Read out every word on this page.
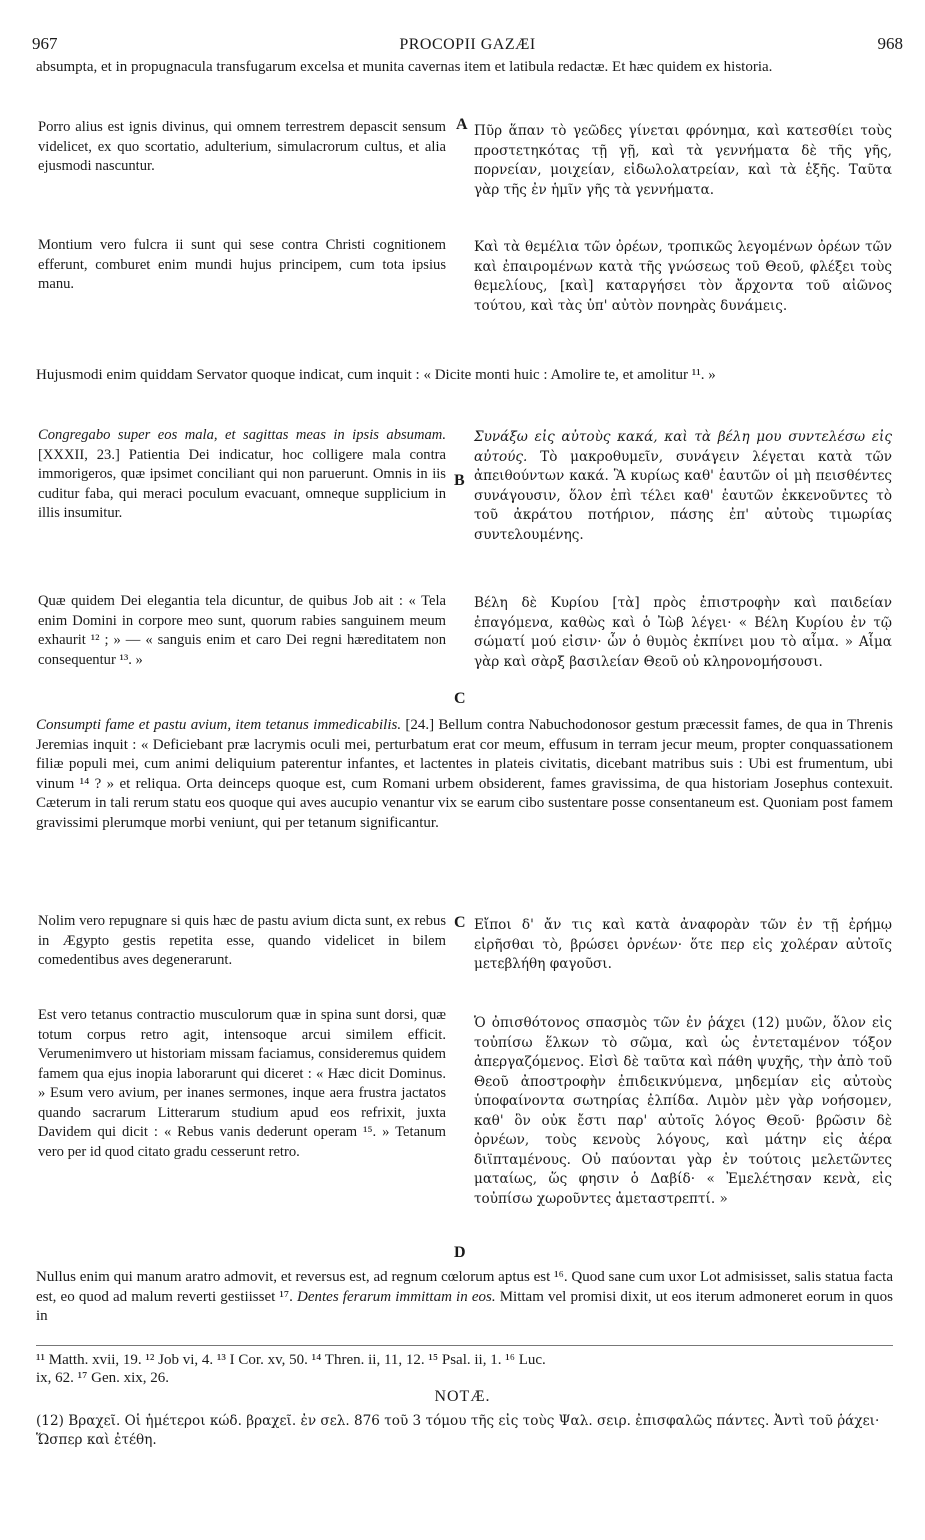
967	PROCOPII GAZÆI	968

absumpta, et in propugnacula transfugarum excelsa et munita cavernas item et latibula redactæ. Et hæc quidem ex historia.

Porro alius est ignis divinus, qui omnem terrestrem depascit sensum videlicet, ex quo scortatio, adulterium, simulacrorum cultus, et alia ejusmodi nascuntur.

A Πῦρ ἅπαν τὸ γεῶδες γίνεται φρόνημα, καὶ κατεσθίει τοὺς προστετηκότας τῇ γῇ, καὶ τὰ γεννήματα δὲ τῆς γῆς, πορνείαν, μοιχείαν, εἰδωλολατρείαν, καὶ τὰ ἑξῆς. Ταῦτα γὰρ τῆς ἐν ἡμῖν γῆς τὰ γεννήματα.

Montium vero fulcra ii sunt qui sese contra Christi cognitionem efferunt, comburet enim mundi hujus principem, cum tota ipsius manu.

Καὶ τὰ θεμέλια τῶν ὀρέων, τροπικῶς λεγομένων ὀρέων τῶν καὶ ἐπαιρομένων κατὰ τῆς γνώσεως τοῦ Θεοῦ, φλέξει τοὺς θεμελίους, [καὶ] καταργήσει τὸν ἄρχοντα τοῦ αἰῶνος τούτου, καὶ τὰς ὑπ' αὐτὸν πονηρὰς δυνάμεις.

Hujusmodi enim quiddam Servator quoque indicat, cum inquit : « Dicite monti huic : Amolire te, et amolitur ¹¹. »

Congregabo super eos mala, et sagittas meas in ipsis absumam. [XXXII, 23.] Patientia Dei indicatur, hoc colligere mala contra immorigeros, quæ ipsimet conciliant qui non paruerunt. Omnis in iis cuditur faba, qui meraci poculum evacuant, omneque supplicium in illis insumitur.

B

Συνάξω εἰς αὐτοὺς κακά, καὶ τὰ βέλη μου συντελέσω εἰς αὐτούς. Τὸ μακροθυμεῖν, συνάγειν λέγεται κατὰ τῶν ἀπειθούντων κακά. Ἃ κυρίως καθ' ἑαυτῶν οἱ μὴ πεισθέντες συνάγουσιν, ὅλον ἐπὶ τέλει καθ' ἑαυτῶν ἐκκενοῦντες τὸ τοῦ ἀκράτου ποτήριον, πάσης ἐπ' αὐτοὺς τιμωρίας συντελουμένης.

Quæ quidem Dei elegantia tela dicuntur, de quibus Job ait : « Tela enim Domini in corpore meo sunt, quorum rabies sanguinem meum exhaurit ¹² ; » — « sanguis enim et caro Dei regni hæreditatem non consequentur ¹³. »

Βέλη δὲ Κυρίου [τὰ] πρὸς ἐπιστροφὴν καὶ παιδείαν ἐπαγόμενα, καθὼς καὶ ὁ Ἰὼβ λέγει· « Βέλη Κυρίου ἐν τῷ σώματί μού εἰσιν· ὧν ὁ θυμὸς ἐκπίνει μου τὸ αἷμα. » Αἷμα γὰρ καὶ σὰρξ βασιλείαν Θεοῦ οὐ κληρονομήσουσι.

C

Consumpti fame et pastu avium, item tetanus immedicabilis. [24.] Bellum contra Nabuchodonosor gestum præcessit fames, de qua in Threnis Jeremias inquit : « Deficiebant præ lacrymis oculi mei, perturbatum erat cor meum, effusum in terram jecur meum, propter conquassationem filiæ populi mei, cum animi deliquium paterentur infantes, et lactentes in plateis civitatis, dicebant matribus suis : Ubi est frumentum, ubi vinum ¹⁴ ? » et reliqua. Orta deinceps quoque est, cum Romani urbem obsiderent, fames gravissima, de qua historiam Josephus contexuit. Cæterum in tali rerum statu eos quoque qui aves aucupio venantur vix se earum cibo sustentare posse consentaneum est. Quoniam post famem gravissimi plerumque morbi veniunt, qui per tetanum significantur.

Nolim vero repugnare si quis hæc de pastu avium dicta sunt, ex rebus in Ægypto gestis repetita esse, quando videlicet in bilem comedentibus aves degenerarunt.

C Εἴποι δ' ἄν τις καὶ κατὰ ἀναφορὰν τῶν ἐν τῇ ἐρήμῳ εἰρῆσθαι τὸ, βρώσει ὀρνέων· ὅτε περ εἰς χολέραν αὐτοῖς μετεβλήθη φαγοῦσι.

Est vero tetanus contractio musculorum quæ in spina sunt dorsi, quæ totum corpus retro agit, intensoque arcui similem efficit. Verumenimvero ut historiam missam faciamus, consideremus quidem famem qua ejus inopia laborarunt qui diceret : « Hæc dicit Dominus. » Esum vero avium, per inanes sermones, inque aera frustra jactatos quando sacrarum Litterarum studium apud eos refrixit, juxta Davidem qui dicit : « Rebus vanis dederunt operam ¹⁵. » Tetanum vero per id quod citato gradu cesserunt retro.

Ὁ ὀπισθότονος σπασμὸς τῶν ἐν ῥάχει (12) μυῶν, ὅλον εἰς τοὐπίσω ἕλκων τὸ σῶμα, καὶ ὡς ἐντεταμένον τόξον ἀπεργαζόμενος. Εἰσὶ δὲ ταῦτα καὶ πάθη ψυχῆς, τὴν ἀπὸ τοῦ Θεοῦ ἀποστροφὴν ἐπιδεικνύμενα, μηδεμίαν εἰς αὐτοὺς ὑποφαίνοντα σωτηρίας ἐλπίδα. Λιμὸν μὲν γὰρ νοήσομεν, καθ' ὃν οὐκ ἔστι παρ' αὐτοῖς λόγος Θεοῦ· βρῶσιν δὲ ὀρνέων, τοὺς κενοὺς λόγους, καὶ μάτην εἰς ἀέρα διϊπταμένους. Οὐ παύονται γὰρ ἐν τούτοις μελετῶντες ματαίως, ὥς φησιν ὁ Δαβίδ· « Ἐμελέτησαν κενὰ, εἰς τοὐπίσω χωροῦντες ἀμεταστρεπτί. »

D

Nullus enim qui manum aratro admovit, et reversus est, ad regnum cœlorum aptus est ¹⁶. Quod sane cum uxor Lot admisisset, salis statua facta est, eo quod ad malum reverti gestiisset ¹⁷. Dentes ferarum immittam in eos. Mittam vel promisi dixit, ut eos iterum admoneret eorum in quos in

¹¹ Matth. xvii, 19. ¹² Job vi, 4. ¹³ I Cor. xv, 50. ¹⁴ Thren. ii, 11, 12. ¹⁵ Psal. ii, 1. ¹⁶ Luc.

ix, 62. ¹⁷ Gen. xix, 26.

NOTÆ.

(12) Βραχεῖ. Οἱ ἡμέτεροι κώδ. βραχεῖ. ἐν σελ. 876 τοῦ 3 τόμου τῆς εἰς τοὺς Ψαλ. σειρ. ἐπισφαλῶς πάντες. Ἀντὶ τοῦ ῥάχει· Ὥσπερ καὶ ἐτέθη.
